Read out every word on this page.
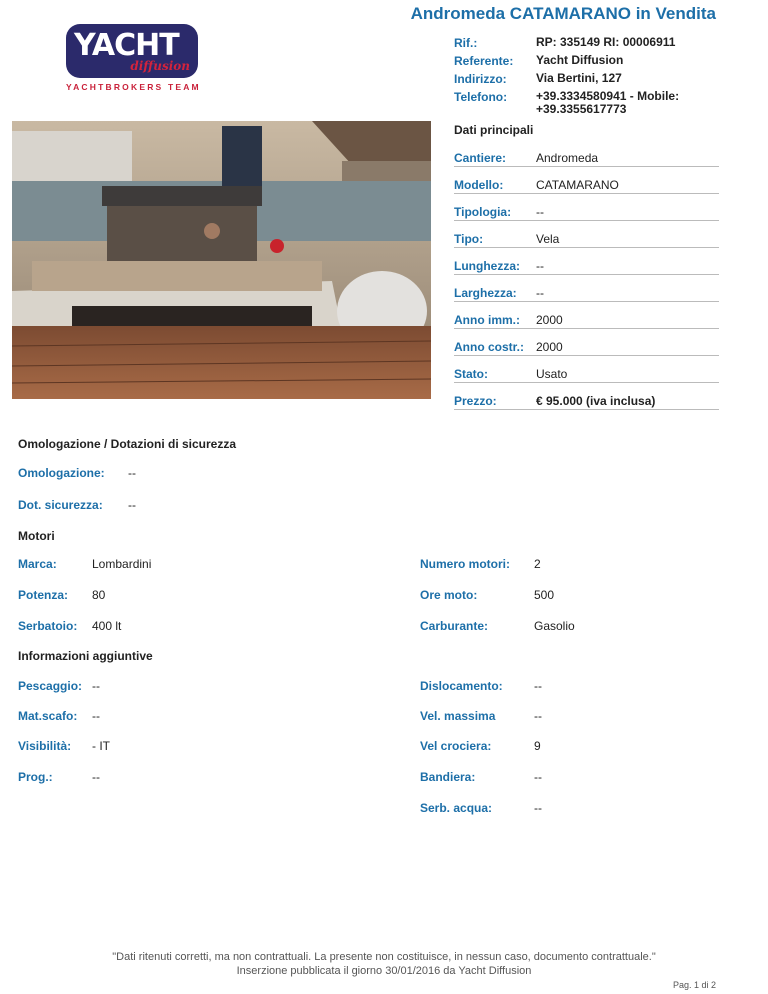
Andromeda CATAMARANO in Vendita
YACHT
diffusion
YACHTBROKERS TEAM
Rif.:	RP: 335149 RI: 00006911
Referente:	Yacht Diffusion
Indirizzo:	Via Bertini, 127
Telefono:	+39.3334580941 - Mobile: +39.3355617773
Dati principali
Cantiere:	Andromeda
Modello:	CATAMARANO
Tipologia:	--
Tipo:	Vela
Lunghezza:	--
Larghezza:	--
Anno imm.:	2000
Anno costr.: 2000
Stato:	Usato
Prezzo:	€ 95.000 (iva inclusa)
Omologazione / Dotazioni di sicurezza
Omologazione:	--
Dot. sicurezza:	--
Motori
Marca:	Lombardini	Numero motori:	2
Potenza:	80	Ore moto:	500
Serbatoio:	400 lt	Carburante:	Gasolio
Informazioni aggiuntive
Pescaggio: --	Dislocamento:	--
Mat.scafo:	--	Vel. massima	--
Visibilità:	- IT	Vel crociera:	9
Prog.:	--	Bandiera:	--
Serb. acqua:	--
"Dati ritenuti corretti, ma non contrattuali. La presente non costituisce, in nessun caso, documento contrattuale."
Inserzione pubblicata il giorno 30/01/2016 da Yacht Diffusion
Pag. 1 di 2
